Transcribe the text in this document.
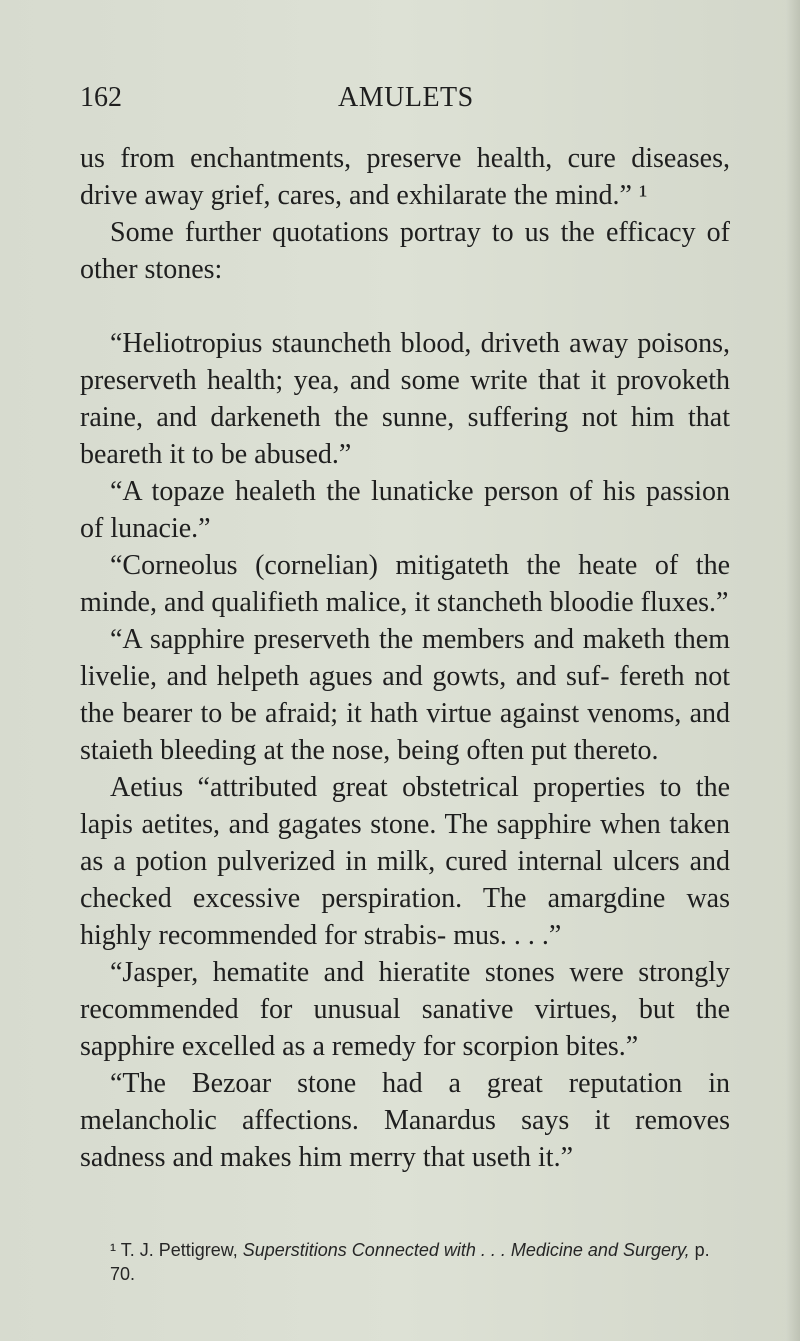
162	AMULETS

us from enchantments, preserve health, cure diseases, drive away grief, cares, and exhilarate the mind.” ¹

Some further quotations portray to us the efficacy of other stones:

“Heliotropius stauncheth blood, driveth away poisons, preserveth health; yea, and some write that it provoketh raine, and darkeneth the sunne, suffering not him that beareth it to be abused.”

“A topaze healeth the lunaticke person of his passion of lunacie.”

“Corneolus (cornelian) mitigateth the heate of the minde, and qualifieth malice, it stancheth bloodie fluxes.”

“A sapphire preserveth the members and maketh them livelie, and helpeth agues and gowts, and suf- fereth not the bearer to be afraid; it hath virtue against venoms, and staieth bleeding at the nose, being often put thereto.

Aetius “attributed great obstetrical properties to the lapis aetites, and gagates stone. The sapphire when taken as a potion pulverized in milk, cured internal ulcers and checked excessive perspiration. The amargdine was highly recommended for strabis- mus. . . .”

“Jasper, hematite and hieratite stones were strongly recommended for unusual sanative virtues, but the sapphire excelled as a remedy for scorpion bites.”

“The Bezoar stone had a great reputation in melancholic affections. Manardus says it removes sadness and makes him merry that useth it.”

¹ T. J. Pettigrew, Superstitions Connected with . . . Medicine and Surgery, p. 70.
